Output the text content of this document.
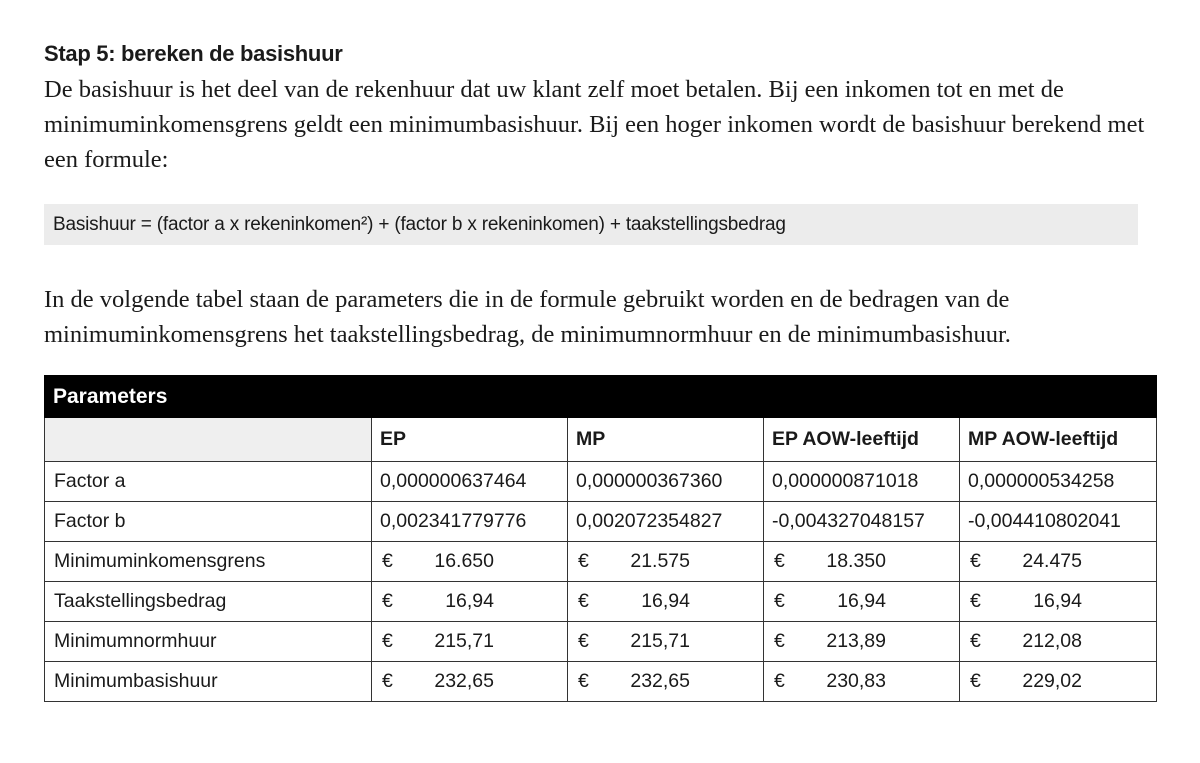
Stap 5: bereken de basishuur

De basishuur is het deel van de rekenhuur dat uw klant zelf moet betalen. Bij een inkomen tot en met de minimuminkomensgrens geldt een minimumbasishuur. Bij een hoger inkomen wordt de basishuur berekend met een formule:

Basishuur = (factor a x rekeninkomen²) + (factor b x rekeninkomen) + taakstellingsbedrag

In de volgende tabel staan de parameters die in de formule gebruikt worden en de bedragen van de minimuminkomensgrens het taakstellingsbedrag, de minimumnormhuur en de minimumbasishuur.

Parameters				
	EP	MP	EP AOW-leeftijd	MP AOW-leeftijd
Factor a	0,000000637464	0,000000367360	0,000000871018	0,000000534258
Factor b	0,002341779776	0,002072354827	-0,004327048157	-0,004410802041
Minimuminkomensgrens	€ 16.650	€ 21.575	€ 18.350	€ 24.475
Taakstellingsbedrag	€ 16,94	€ 16,94	€ 16,94	€ 16,94
Minimumnormhuur	€ 215,71	€ 215,71	€ 213,89	€ 212,08
Minimumbasishuur	€ 232,65	€ 232,65	€ 230,83	€ 229,02
